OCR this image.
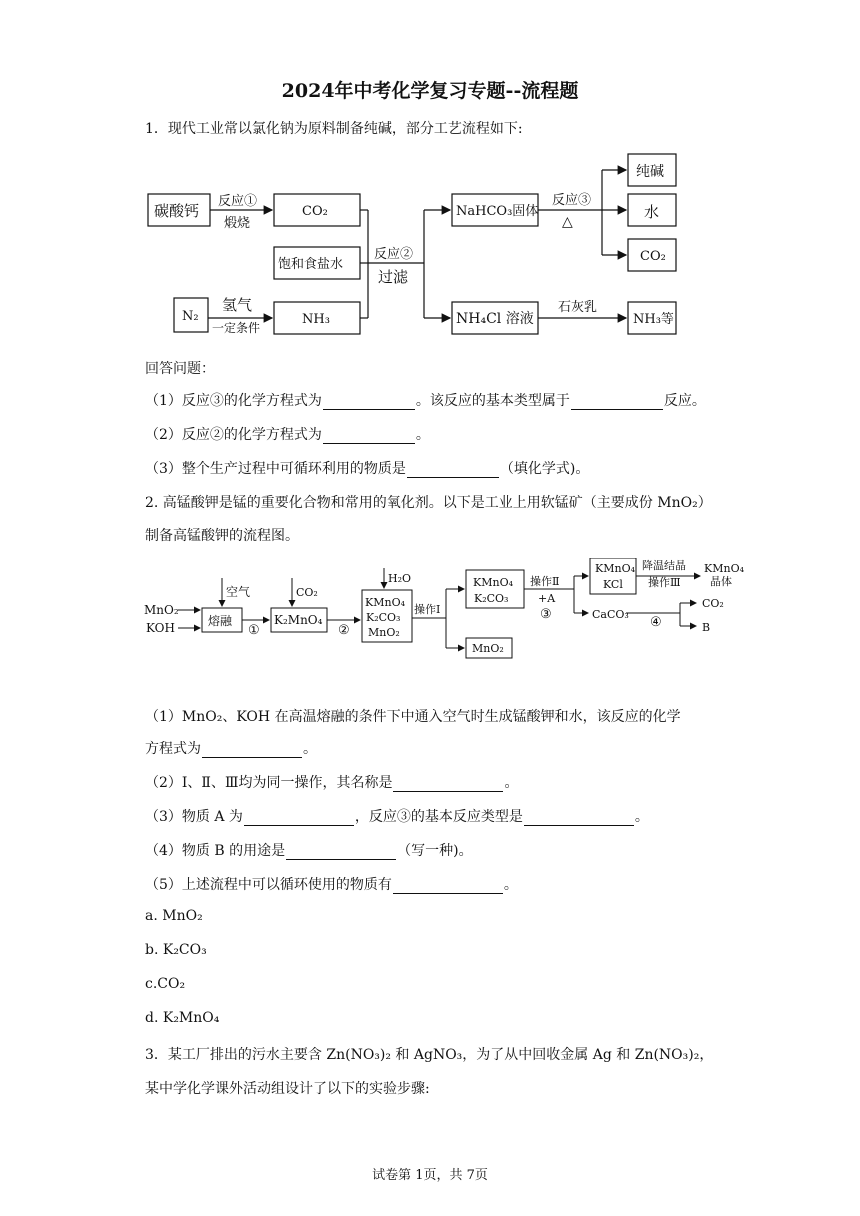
2024年中考化学复习专题--流程题
1．现代工业常以氯化钠为原料制备纯碱，部分工艺流程如下:
碳酸钙
反应①
煅烧
CO₂
饱和食盐水
N₂
氢气
一定条件
NH₃
反应②
过滤
NaHCO₃固体
NH₄Cl 溶液
反应③
△
纯碱
水
CO₂
石灰乳
NH₃等
回答问题：
（1）反应③的化学方程式为	。该反应的基本类型属于	反应。
（2）反应②的化学方程式为	。
（3）整个生产过程中可循环利用的物质是	（填化学式)。
2. 高锰酸钾是锰的重要化合物和常用的氧化剂。以下是工业上用软锰矿（主要成份 MnO₂）
制备高锰酸钾的流程图。
MnO₂
KOH
空气
熔融
①
CO₂
K₂MnO₄
②
H₂O
KMnO₄
K₂CO₃
MnO₂
操作Ⅰ
KMnO₄
K₂CO₃
MnO₂
操作Ⅱ
+A
③
KMnO₄
KCl
降温结晶
操作Ⅲ
KMnO₄
晶体
CaCO₃
④
CO₂
B
（1）MnO₂、KOH 在高温熔融的条件下中通入空气时生成锰酸钾和水，该反应的化学
方程式为	。
（2）Ⅰ、Ⅱ、Ⅲ均为同一操作，其名称是	。
（3）物质 A 为	，反应③的基本反应类型是	。
（4）物质 B 的用途是	（写一种)。
（5）上述流程中可以循环使用的物质有	。
a. MnO₂
b. K₂CO₃
c.CO₂
d. K₂MnO₄
3．某工厂排出的污水主要含 Zn(NO₃)₂ 和 AgNO₃，为了从中回收金属 Ag 和 Zn(NO₃)₂，
某中学化学课外活动组设计了以下的实验步骤:
试卷第 1页，共 7页
